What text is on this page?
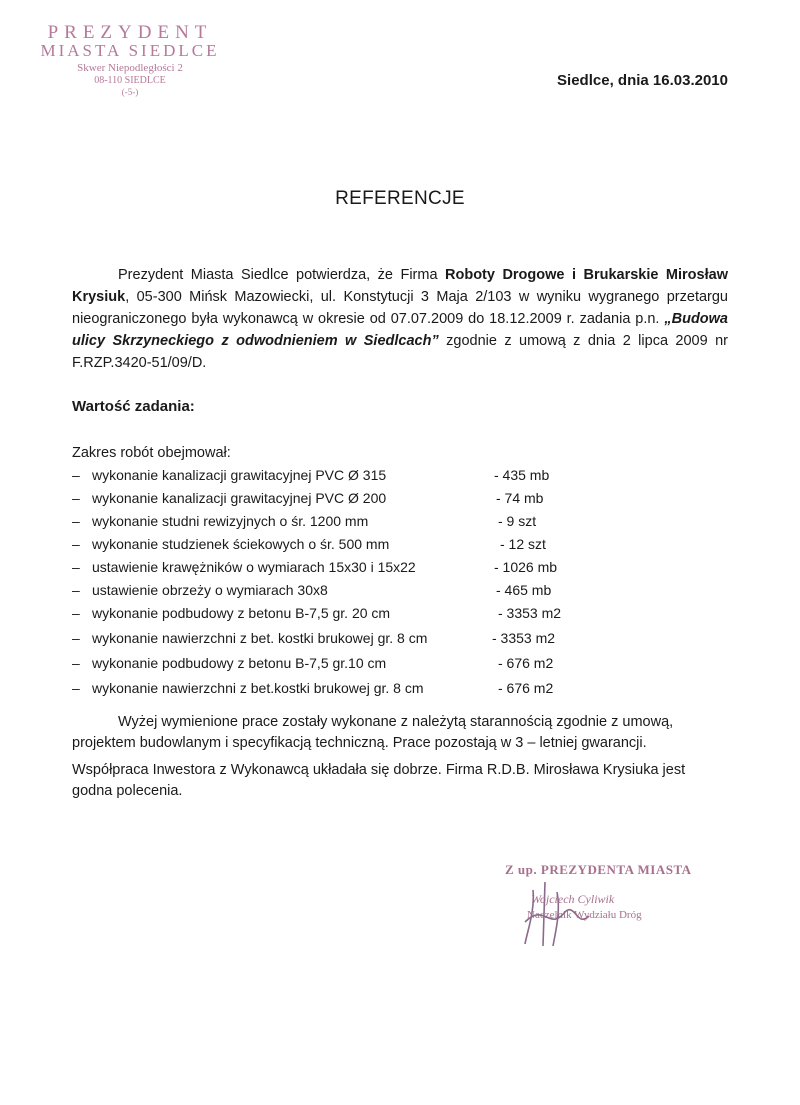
PREZYDENT
MIASTA SIEDLCE
Skwer Niepodległości 2
08-110 SIEDLCE
(-5-)
Siedlce, dnia 16.03.2010
REFERENCJE
Prezydent Miasta Siedlce potwierdza, że Firma Roboty Drogowe i Brukarskie Mirosław Krysiuk, 05-300 Mińsk Mazowiecki, ul. Konstytucji 3 Maja 2/103 w wyniku wygranego przetargu nieograniczonego była wykonawcą w okresie od 07.07.2009 do 18.12.2009 r. zadania p.n. „Budowa ulicy Skrzyneckiego z odwodnieniem w Siedlcach” zgodnie z umową z dnia 2 lipca 2009 nr F.RZP.3420-51/09/D.
Wartość zadania:
Zakres robót obejmował:
– wykonanie kanalizacji grawitacyjnej PVC Ø 315	- 435 mb
– wykonanie kanalizacji grawitacyjnej PVC Ø 200	- 74 mb
– wykonanie studni rewizyjnych o śr. 1200 mm	- 9 szt
– wykonanie studzienek ściekowych o śr. 500 mm	- 12 szt
– ustawienie krawężników o wymiarach 15x30 i 15x22	- 1026 mb
– ustawienie obrzeży o wymiarach 30x8	- 465 mb
– wykonanie podbudowy z betonu B-7,5 gr. 20 cm	- 3353 m2
– wykonanie nawierzchni z bet. kostki brukowej gr. 8 cm	- 3353 m2
– wykonanie podbudowy z betonu B-7,5 gr.10 cm	- 676 m2
– wykonanie nawierzchni z bet.kostki brukowej gr. 8 cm	- 676 m2
Wyżej wymienione prace zostały wykonane z należytą starannością zgodnie z umową, projektem budowlanym i specyfikacją techniczną. Prace pozostają w 3 – letniej gwarancji.
Współpraca Inwestora z Wykonawcą układała się dobrze. Firma R.D.B. Mirosława Krysiuka jest godna polecenia.
Z up. PREZYDENTA MIASTA
Wojciech Cyliwik
Naczelnik Wydziału Dróg
